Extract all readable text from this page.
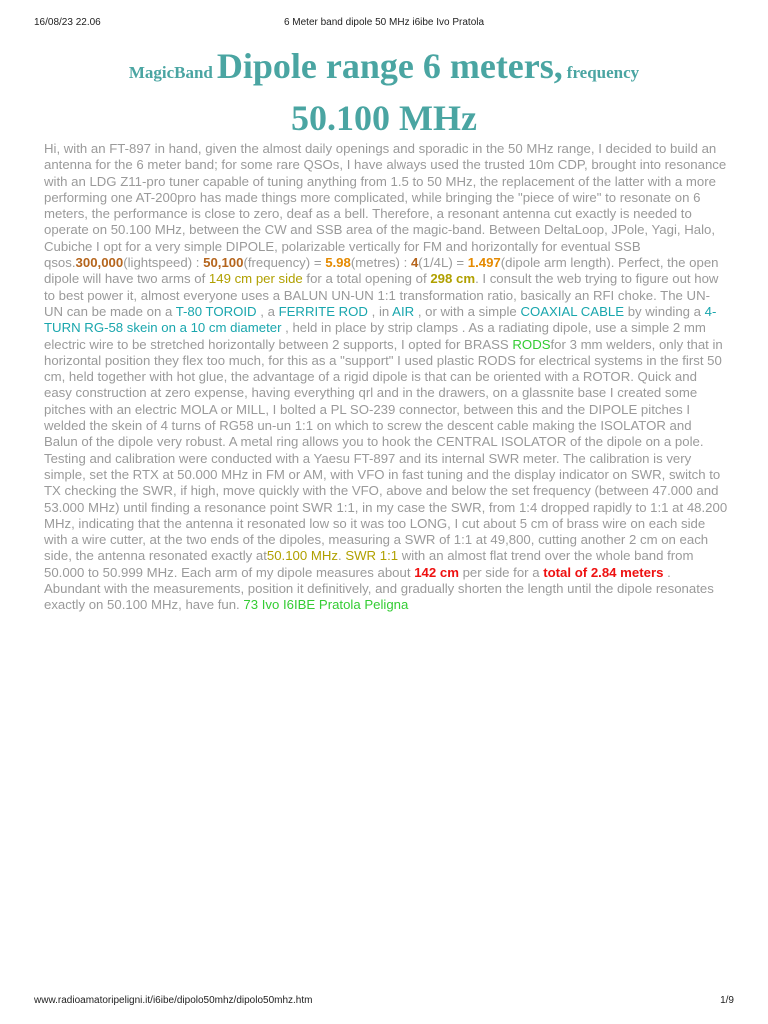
16/08/23 22.06	6 Meter band dipole 50 MHz i6ibe Ivo Pratola
MagicBand Dipole range 6 meters, frequency
50.100 MHz
Hi, with an FT-897 in hand, given the almost daily openings and sporadic in the 50 MHz range, I decided to build an antenna for the 6 meter band; for some rare QSOs, I have always used the trusted 10m CDP, brought into resonance with an LDG Z11-pro tuner capable of tuning anything from 1.5 to 50 MHz, the replacement of the latter with a more performing one AT-200pro has made things more complicated, while bringing the "piece of wire" to resonate on 6 meters, the performance is close to zero, deaf as a bell. Therefore, a resonant antenna cut exactly is needed to operate on 50.100 MHz, between the CW and SSB area of the magic-band. Between DeltaLoop, JPole, Yagi, Halo, Cubiche I opt for a very simple DIPOLE, polarizable vertically for FM and horizontally for eventual SSB qsos.300,000(lightspeed) : 50,100(frequency) = 5.98(metres) : 4(1/4L) = 1.497(dipole arm length). Perfect, the open dipole will have two arms of 149 cm per side for a total opening of 298 cm. I consult the web trying to figure out how to best power it, almost everyone uses a BALUN UN-UN 1:1 transformation ratio, basically an RFI choke. The UN-UN can be made on a T-80 TOROID , a FERRITE ROD , in AIR , or with a simple COAXIAL CABLE by winding a 4-TURN RG-58 skein on a 10 cm diameter , held in place by strip clamps . As a radiating dipole, use a simple 2 mm electric wire to be stretched horizontally between 2 supports, I opted for BRASS RODSfor 3 mm welders, only that in horizontal position they flex too much, for this as a "support" I used plastic RODS for electrical systems in the first 50 cm, held together with hot glue, the advantage of a rigid dipole is that can be oriented with a ROTOR. Quick and easy construction at zero expense, having everything qrl and in the drawers, on a glassnite base I created some pitches with an electric MOLA or MILL, I bolted a PL SO-239 connector, between this and the DIPOLE pitches I welded the skein of 4 turns of RG58 un-un 1:1 on which to screw the descent cable making the ISOLATOR and Balun of the dipole very robust. A metal ring allows you to hook the CENTRAL ISOLATOR of the dipole on a pole. Testing and calibration were conducted with a Yaesu FT-897 and its internal SWR meter. The calibration is very simple, set the RTX at 50.000 MHz in FM or AM, with VFO in fast tuning and the display indicator on SWR, switch to TX checking the SWR, if high, move quickly with the VFO, above and below the set frequency (between 47.000 and 53.000 MHz) until finding a resonance point SWR 1:1, in my case the SWR, from 1:4 dropped rapidly to 1:1 at 48.200 MHz, indicating that the antenna it resonated low so it was too LONG, I cut about 5 cm of brass wire on each side with a wire cutter, at the two ends of the dipoles, measuring a SWR of 1:1 at 49,800, cutting another 2 cm on each side, the antenna resonated exactly at50.100 MHz. SWR 1:1 with an almost flat trend over the whole band from 50.000 to 50.999 MHz. Each arm of my dipole measures about 142 cm per side for a total of 2.84 meters . Abundant with the measurements, position it definitively, and gradually shorten the length until the dipole resonates exactly on 50.100 MHz, have fun. 73 Ivo I6IBE Pratola Peligna
www.radioamatoripeligni.it/i6ibe/dipolo50mhz/dipolo50mhz.htm	1/9
